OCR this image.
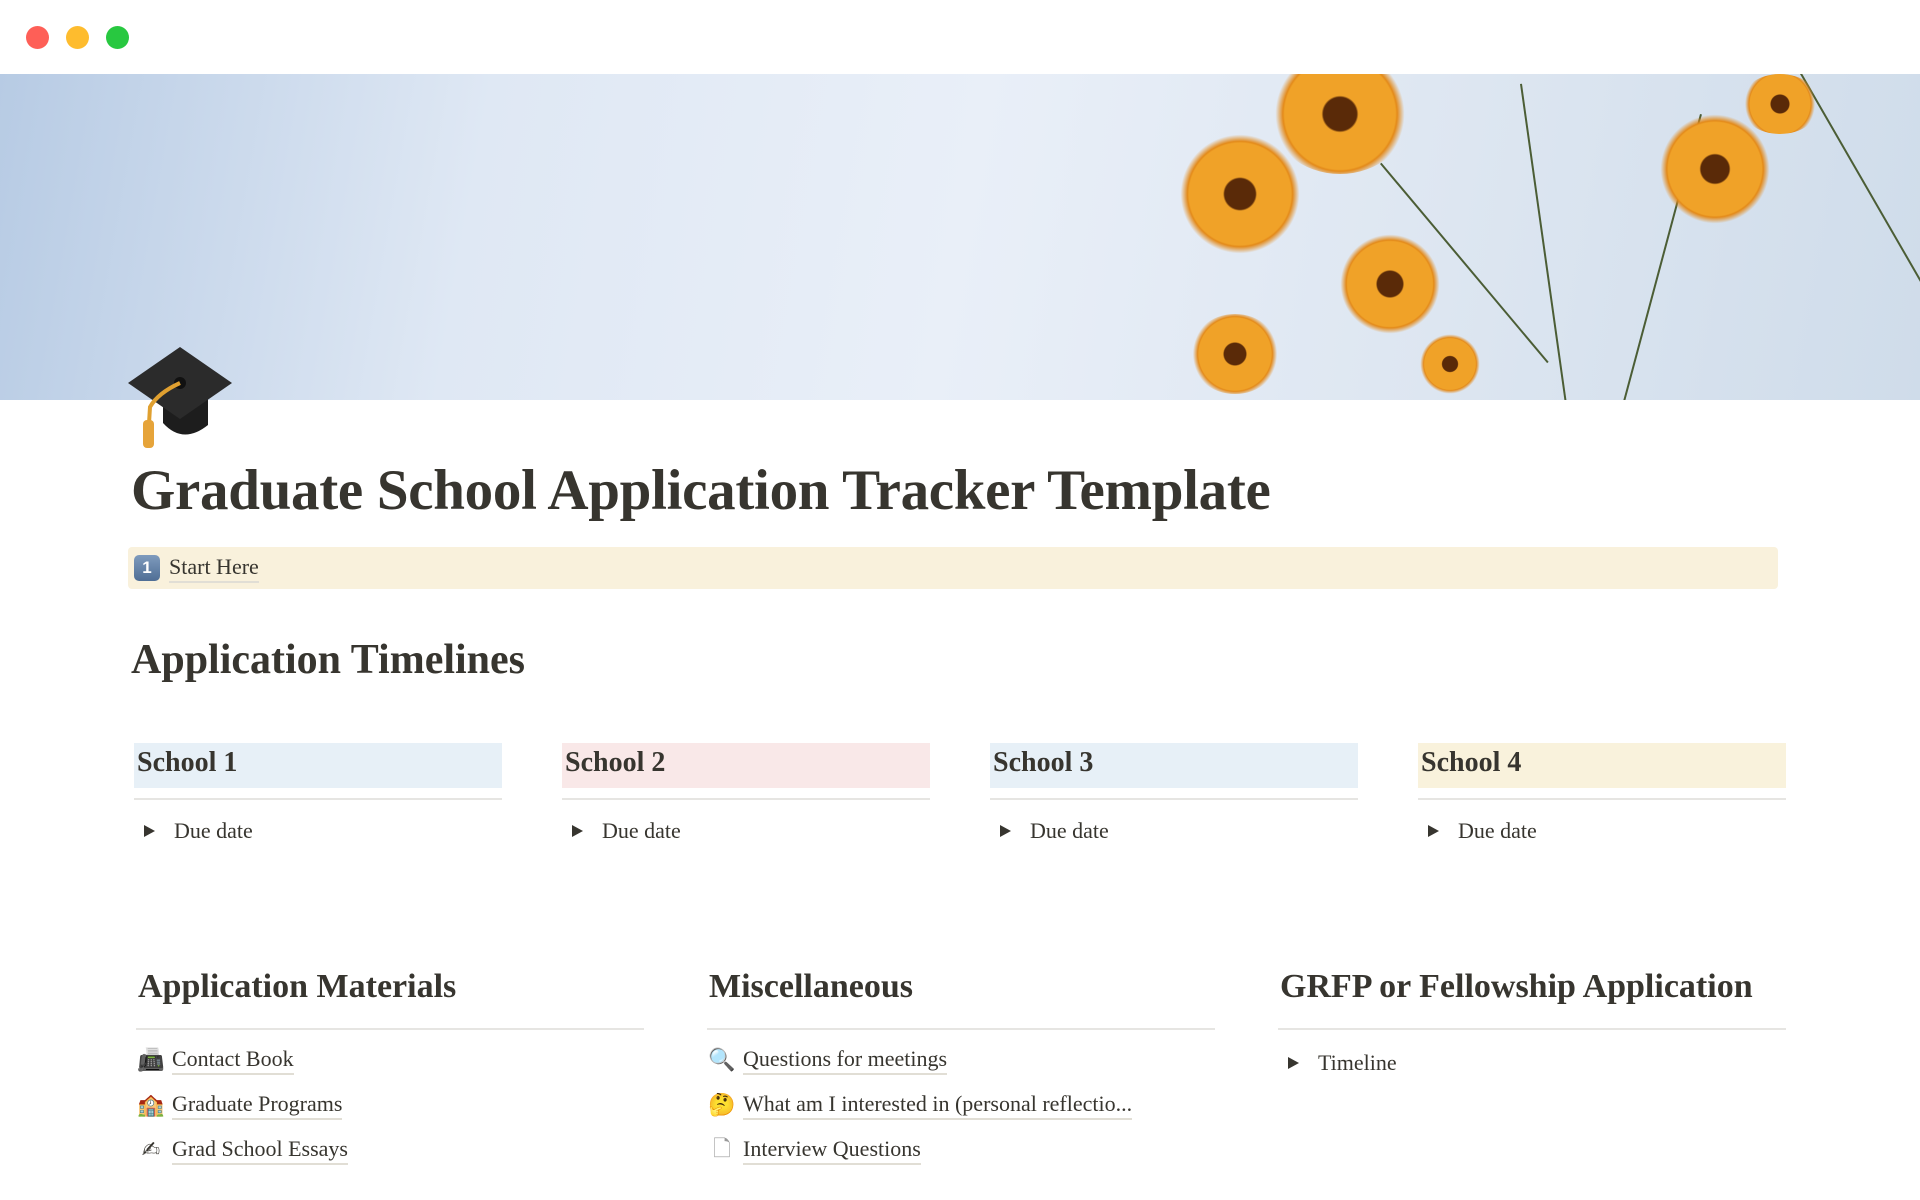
Graduate School Application Tracker Template
1 Start Here
Application Timelines
School 1
Due date
School 2
Due date
School 3
Due date
School 4
Due date
Application Materials
📠 Contact Book
🏫 Graduate Programs
✍ Grad School Essays
Miscellaneous
🔍 Questions for meetings
🤔 What am I interested in (personal reflectio...
🗋 Interview Questions
GRFP or Fellowship Application
Timeline
